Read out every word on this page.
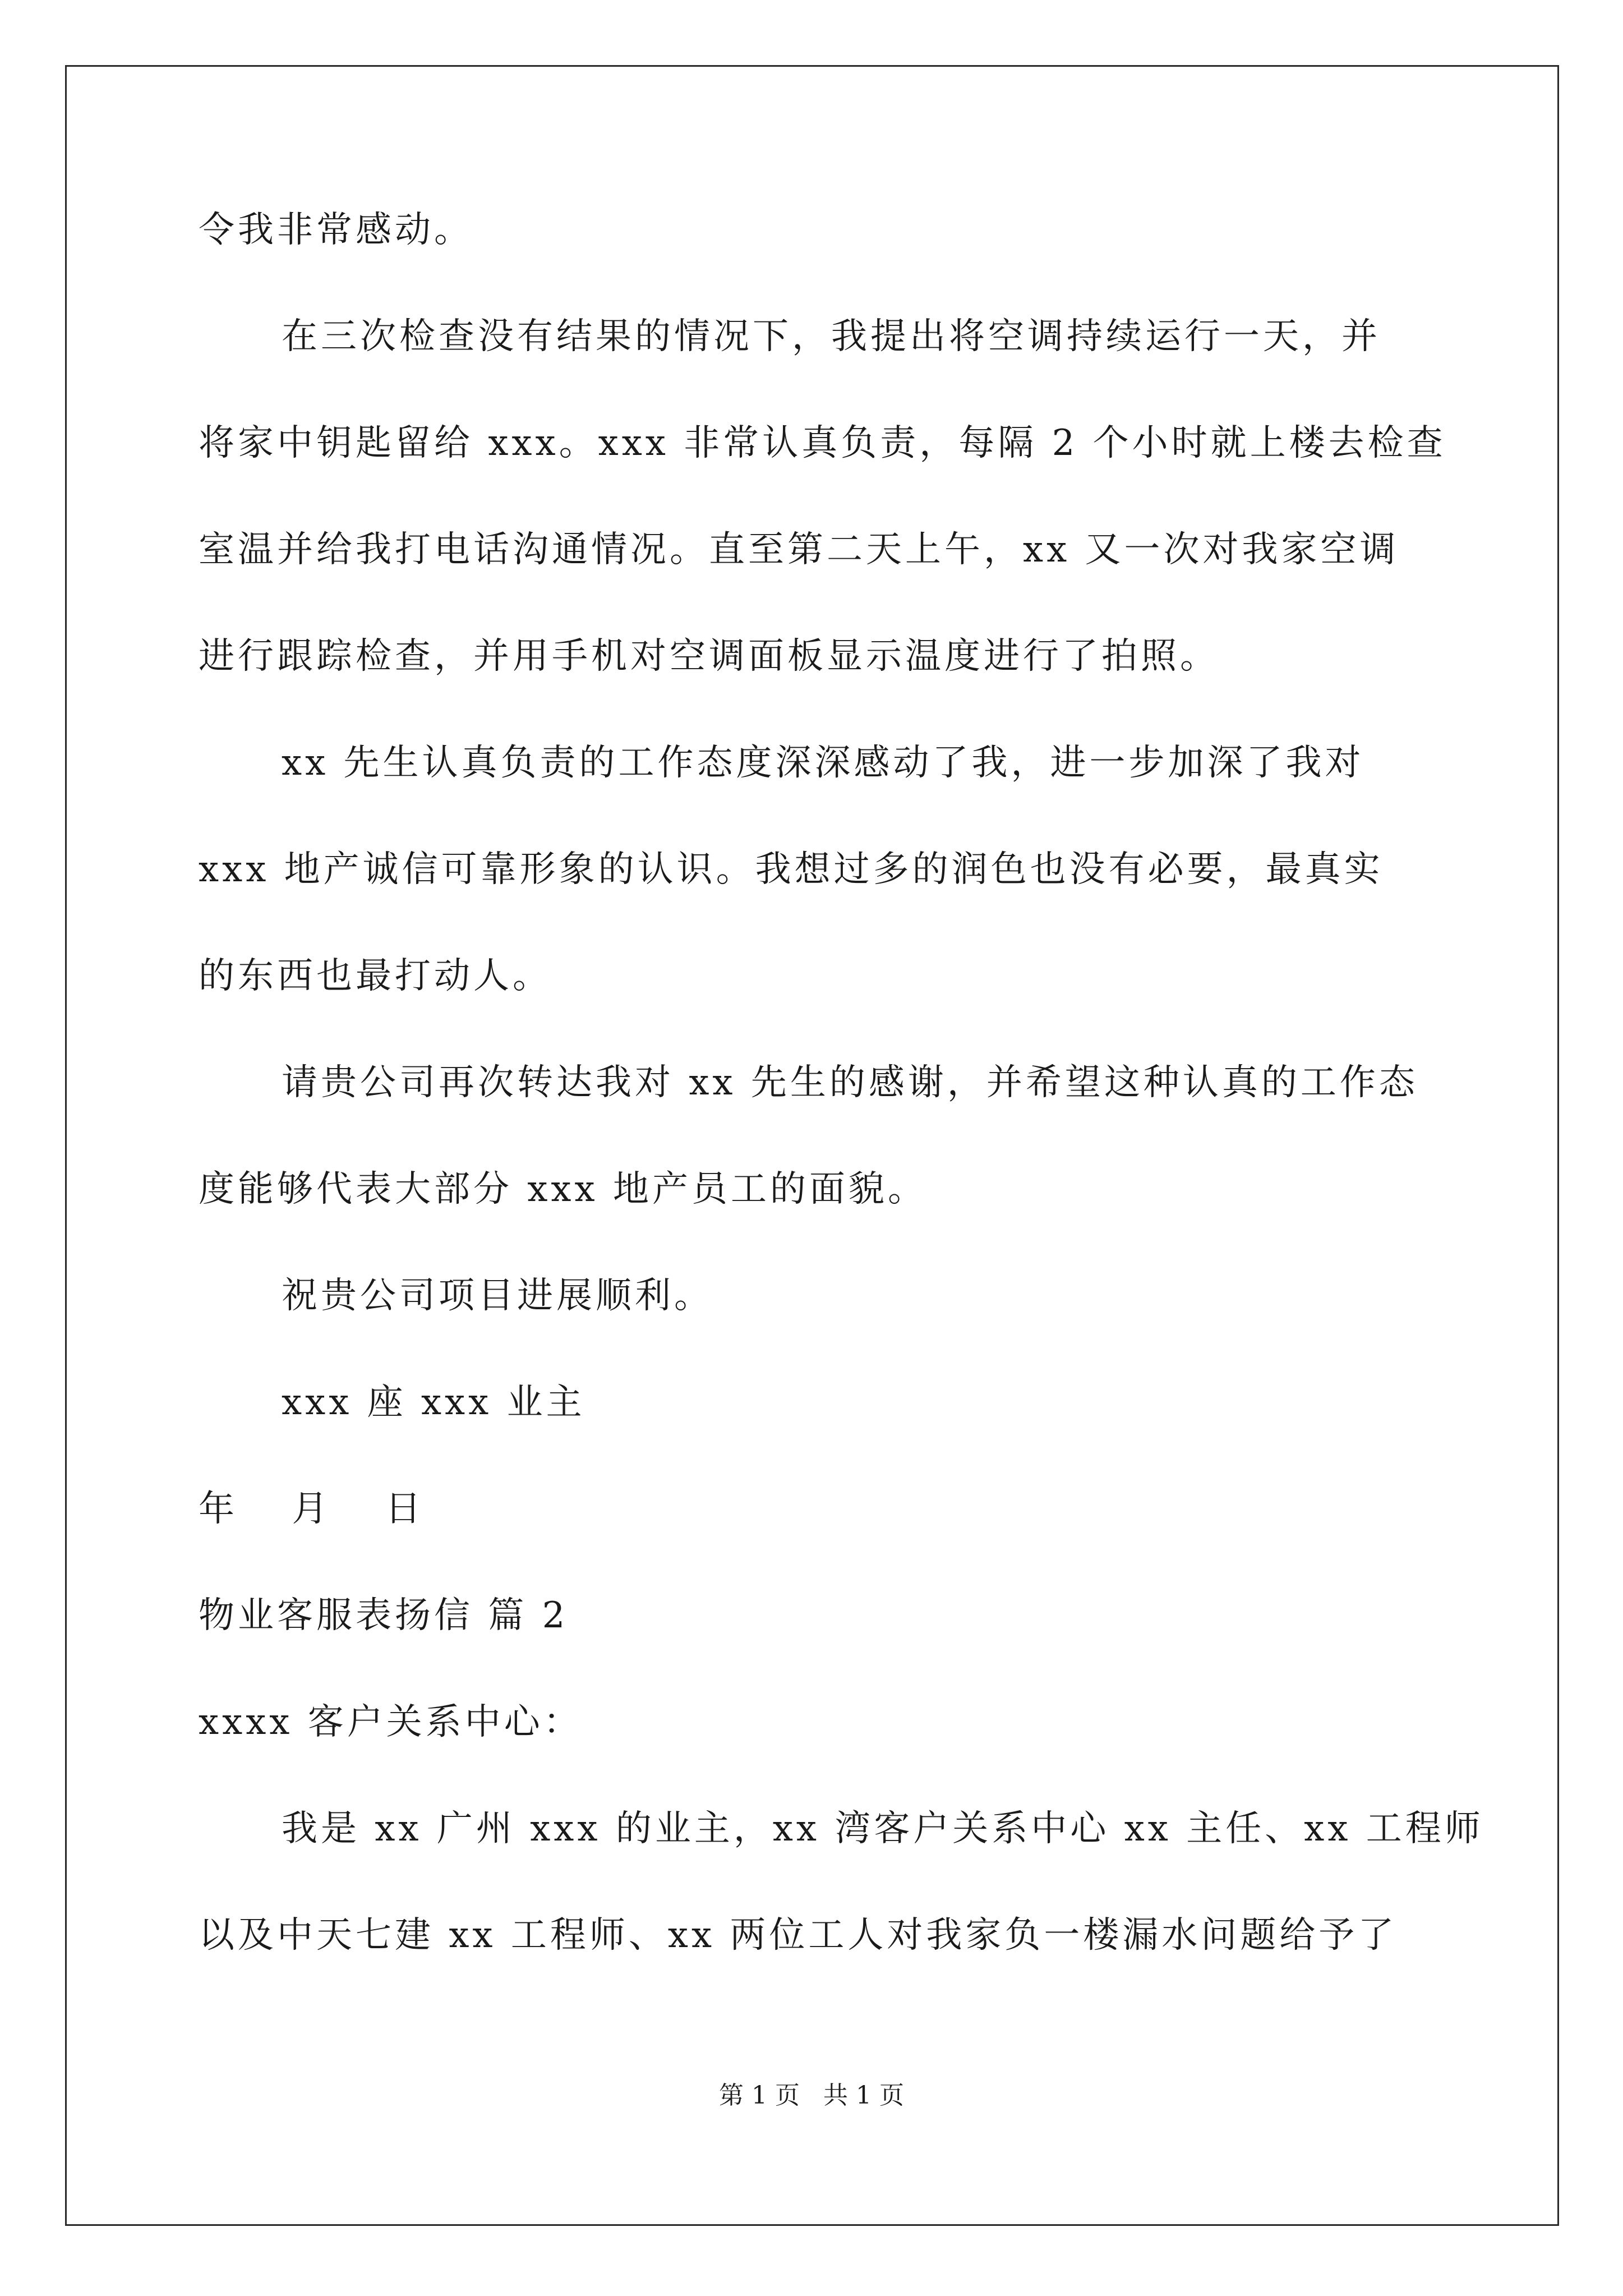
令我非常感动。
在三次检查没有结果的情况下，我提出将空调持续运行一天，并
将家中钥匙留给 xxx。xxx 非常认真负责，每隔 2 个小时就上楼去检查
室温并给我打电话沟通情况。直至第二天上午，xx 又一次对我家空调
进行跟踪检查，并用手机对空调面板显示温度进行了拍照。
xx 先生认真负责的工作态度深深感动了我，进一步加深了我对
xxx 地产诚信可靠形象的认识。我想过多的润色也没有必要，最真实
的东西也最打动人。
请贵公司再次转达我对 xx 先生的感谢，并希望这种认真的工作态
度能够代表大部分 xxx 地产员工的面貌。
祝贵公司项目进展顺利。
xxx 座 xxx 业主
年　 月　 日
物业客服表扬信 篇 2
xxxx 客户关系中心：
我是 xx 广州 xxx 的业主，xx 湾客户关系中心 xx 主任、xx 工程师
以及中天七建 xx 工程师、xx 两位工人对我家负一楼漏水问题给予了
第 1 页 共 1 页
